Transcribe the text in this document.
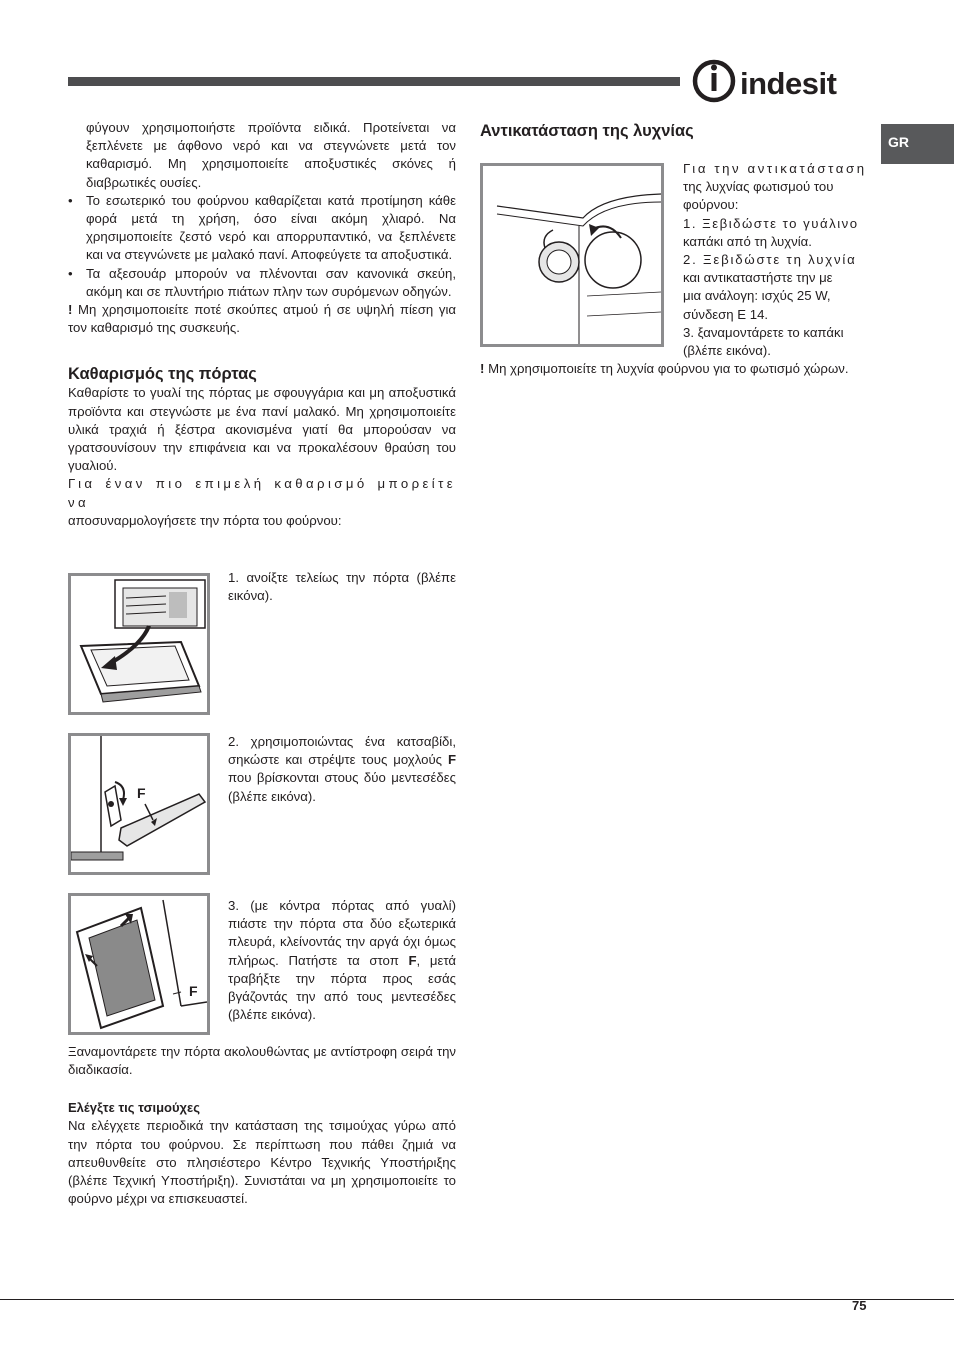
indesit
GR

φύγουν χρησιμοποιήστε προϊόντα ειδικά. Προτείνεται να ξεπλένετε με άφθονο νερό και να στεγνώνετε μετά τον καθαρισμό. Μη χρησιμοποιείτε αποξυστικές σκόνες ή διαβρωτικές ουσίες.

• Το εσωτερικό του φούρνου καθαρίζεται κατά προτίμηση κάθε φορά μετά τη χρήση, όσο είναι ακόμη χλιαρό. Να χρησιμοποιείτε ζεστό νερό και απορρυπαντικό, να ξεπλένετε και να στεγνώνετε με μαλακό πανί. Αποφεύγετε τα αποξυστικά.

• Τα αξεσουάρ μπορούν να πλένονται σαν κανονικά σκεύη, ακόμη και σε πλυντήριο πιάτων πλην των συρόμενων οδηγών.

! Μη χρησιμοποιείτε ποτέ σκούπες ατμού ή σε υψηλή πίεση για τον καθαρισμό της συσκευής.

Καθαρισμός της πόρτας

Καθαρίστε το γυαλί της πόρτας με σφουγγάρια και μη αποξυστικά προϊόντα και στεγνώστε με ένα πανί μαλακό. Μη χρησιμοποιείτε υλικά τραχιά ή ξέστρα ακονισμένα γιατί θα μπορούσαν να γρατσουνίσουν την επιφάνεια και να προκαλέσουν θραύση του γυαλιού.

Για έναν πιο επιμελή καθαρισμό μπορείτε να

αποσυναρμολογήσετε την πόρτα του φούρνου:

1. ανοίξτε τελείως την πόρτα (βλέπε εικόνα).
F
2. χρησιμοποιώντας ένα κατσαβίδι, σηκώστε και στρέψτε τους μοχλούς F που βρίσκονται στους δύο μεντεσέδες (βλέπε εικόνα).
F
3. (με κόντρα πόρτας από γυαλί) πιάστε την πόρτα στα δύο εξωτερικά πλευρά, κλείνοντάς την αργά όχι όμως πλήρως. Πατήστε τα στοπ F, μετά τραβήξτε την πόρτα προς εσάς βγάζοντάς την από τους μεντεσέδες (βλέπε εικόνα).

Ξαναμοντάρετε την πόρτα ακολουθώντας με αντίστροφη σειρά την διαδικασία.

Ελέγξτε τις τσιμούχες

Να ελέγχετε περιοδικά την κατάσταση της τσιμούχας γύρω από την πόρτα του φούρνου. Σε περίπτωση που πάθει ζημιά να απευθυνθείτε στο πλησιέστερο Κέντρο Τεχνικής Υποστήριξης (βλέπε Τεχνική Υποστήριξη). Συνιστάται να μη χρησιμοποιείτε το φούρνο μέχρι να επισκευαστεί.

Αντικατάσταση της λυχνίας

Για την αντικατάσταση

της λυχνίας φωτισμού του

φούρνου:

1. Ξεβιδώστε το γυάλινο

καπάκι από τη λυχνία.

2. Ξεβιδώστε τη λυχνία

και αντικαταστήστε την με

μια ανάλογη: ισχύς 25 W,

σύνδεση Ε 14.

3. ξαναμοντάρετε το καπάκι

(βλέπε εικόνα).

! Μη χρησιμοποιείτε τη λυχνία φούρνου για το φωτισμό χώρων.

75
